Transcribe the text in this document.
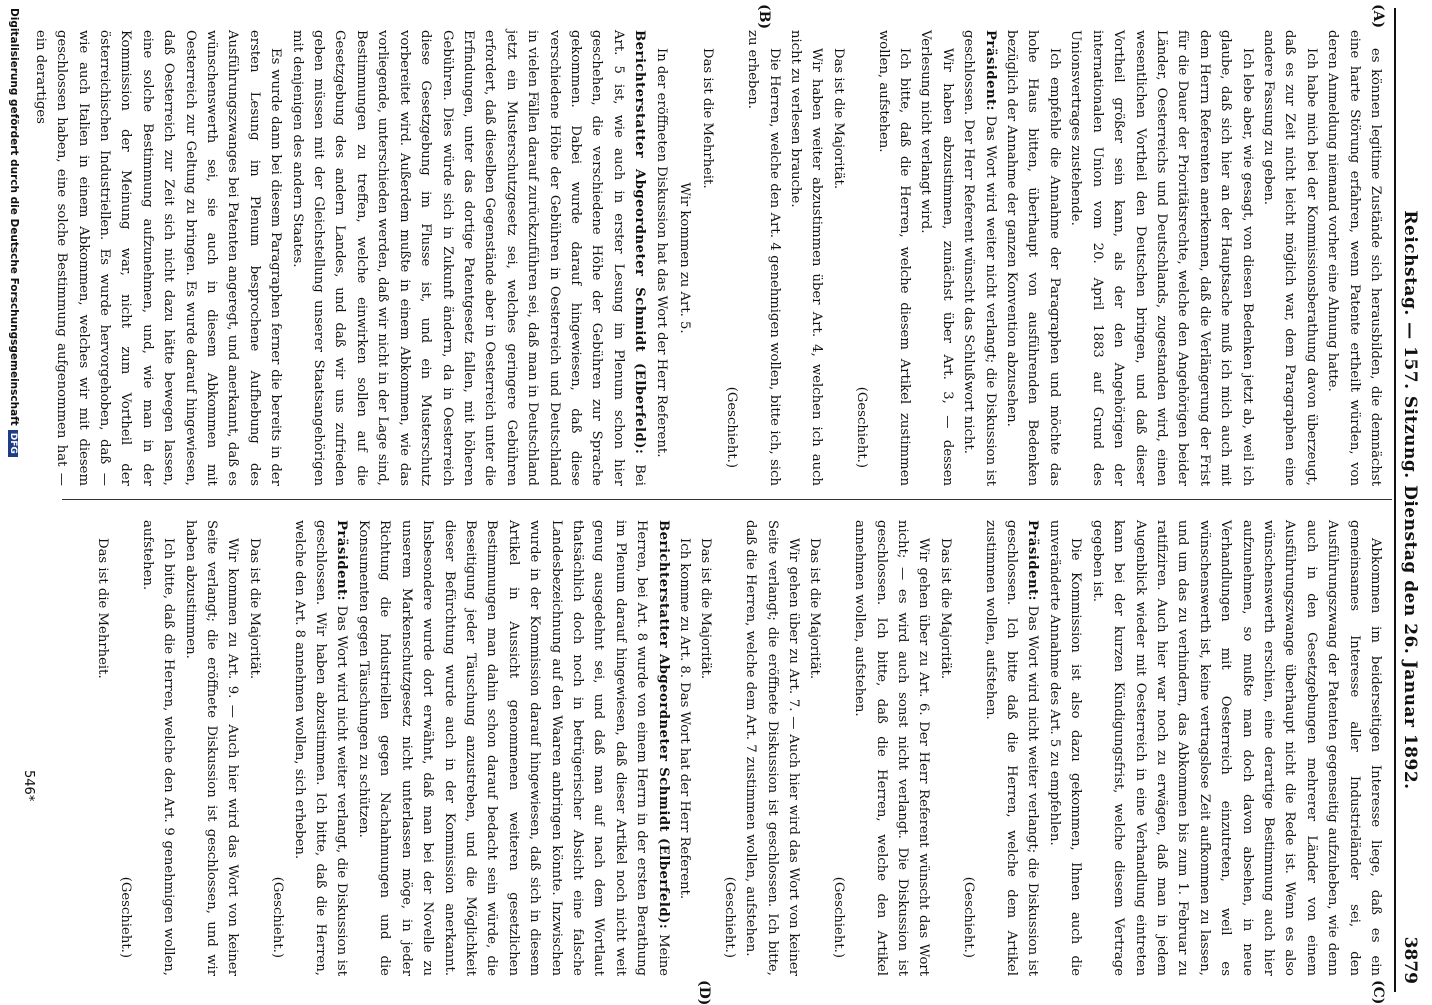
Reichstag. — 157. Sitzung. Dienstag den 26. Januar 1892.
3879
(A)
(B)
(C)
(D)

es können legitime Zustände sich herausbilden, die demnächst eine harte Störung erfahren, wenn Patente ertheilt würden, von deren Anmeldung niemand vorher eine Ahnung hatte.

Ich habe mich bei der Kommissionsberathung davon überzeugt, daß es zur Zeit nicht leicht möglich war, dem Paragraphen eine andere Fassung zu geben.

Ich lebe aber, wie gesagt, von diesen Bedenken jetzt ab, weil ich glaube, daß sich hier an der Hauptsache muß ich mich auch mit dem Herrn Referenten anerkennen, daß die Verlängerung der Frist für die Dauer der Prioritätsrechte, welche den Angehörigen beider Länder, Oesterreichs und Deutschlands, zugestanden wird, einen wesentlichen Vortheil den Deutschen bringen, und daß dieser Vortheil größer sein kann, als der den Angehörigen der internationalen Union vom 20. April 1883 auf Grund des Unionsvertrages zustehende.

Ich empfehle die Annahme der Paragraphen und möchte das hohe Haus bitten, überhaupt von ausführenden Bedenken bezüglich der Annahme der ganzen Konvention abzusehen.

Präsident: Das Wort wird weiter nicht verlangt; die Diskussion ist geschlossen. Der Herr Referent wünscht das Schlußwort nicht.

Wir haben abzustimmen, zunächst über Art. 3, — dessen Verlesung nicht verlangt wird.

Ich bitte, daß die Herren, welche diesem Artikel zustimmen wollen, aufstehen.

(Geschieht.)

Das ist die Majorität.

Wir haben weiter abzustimmen über Art. 4, welchen ich auch nicht zu verlesen brauche.

Die Herren, welche den Art. 4 genehmigen wollen, bitte ich, sich zu erheben.

(Geschieht.)

Das ist die Mehrheit.

Wir kommen zu Art. 5.

In der eröffneten Diskussion hat das Wort der Herr Referent.

Berichterstatter Abgeordneter Schmidt (Elberfeld): Bei Art. 5 ist, wie auch in erster Lesung im Plenum schon hier geschehen, die verschiedene Höhe der Gebühren zur Sprache gekommen. Dabei wurde darauf hingewiesen, daß diese verschiedene Höhe der Gebühren in Oesterreich und Deutschland in vielen Fällen darauf zurückzuführen sei, daß man in Deutschland jetzt ein Musterschutzgesetz sei, welches geringere Gebühren erfordert, daß dieselben Gegenstände aber in Oesterreich unter die Erfindungen, unter das dortige Patentgesetz fallen, mit höheren Gebühren. Dies würde sich in Zukunft ändern, da in Oesterreich diese Gesetzgebung im Flusse ist, und ein Musterschutz vorbereitet wird. Außerdem mußte in einem Abkommen, wie das vorliegende, unterschieden werden, daß wir nicht in der Lage sind, Bestimmungen zu treffen, welche einwirken sollen auf die Gesetzgebung des andern Landes, und daß wir uns zufrieden geben müssen mit der Gleichstellung unserer Staatsangehörigen mit denjenigen des andern Staates.

Es wurde dann bei diesem Paragraphen ferner die bereits in der ersten Lesung im Plenum besprochene Aufhebung des Ausführungszwanges bei Patenten angeregt, und anerkannt, daß es wünschenswerth sei, sie auch in diesem Abkommen mit Oesterreich zur Geltung zu bringen. Es wurde darauf hingewiesen, daß Oesterreich zur Zeit sich nicht dazu hätte bewegen lassen, eine solche Bestimmung aufzunehmen, und, wie man in der Kommission der Meinung war, nicht zum Vortheil der österreichischen Industriellen. Es wurde hervorgehoben, daß — wie auch Italien in einem Abkommen, welches wir mit diesem geschlossen haben, eine solche Bestimmung aufgenommen hat — ein derartiges

Abkommen im beiderseitigen Interesse liege, daß es ein gemeinsames Interesse aller Industrieländer sei, den Ausführungszwang der Patenten gegenseitig aufzuheben, wie denn auch in den Gesetzgebungen mehrerer Länder von einem Ausführungszwange überhaupt nicht die Rede ist. Wenn es also wünschenswerth erschien, eine derartige Bestimmung auch hier aufzunehmen, so mußte man doch davon absehen, in neue Verhandlungen mit Oesterreich einzutreten, weil es wünschenswerth ist, keine vertragslose Zeit aufkommen zu lassen, und um das zu verhindern, das Abkommen bis zum 1. Februar zu ratifiziren. Auch hier war noch zu erwägen, daß man in jedem Augenblick wieder mit Oesterreich in eine Verhandlung eintreten kann bei der kurzen Kündigungsfrist, welche diesem Vertrage gegeben ist.

Die Kommission ist also dazu gekommen, Ihnen auch die unveränderte Annahme des Art. 5 zu empfehlen.

Präsident: Das Wort wird nicht weiter verlangt; die Diskussion ist geschlossen. Ich bitte daß die Herren, welche dem Artikel zustimmen wollen, aufstehen.

(Geschieht.)

Das ist die Majorität.

Wir gehen über zu Art. 6. Der Herr Referent wünscht das Wort nicht; — es wird auch sonst nicht verlangt. Die Diskussion ist geschlossen. Ich bitte, daß die Herren, welche den Artikel annehmen wollen, aufstehen.

(Geschieht.)

Das ist die Majorität.

Wir gehen über zu Art. 7. — Auch hier wird das Wort von keiner Seite verlangt; die eröffnete Diskussion ist geschlossen. Ich bitte, daß die Herren, welche dem Art. 7 zustimmen wollen, aufstehen.

(Geschieht.)

Das ist die Majorität.

Ich komme zu Art. 8. Das Wort hat der Herr Referent.

Berichterstatter Abgeordneter Schmidt (Elberfeld): Meine Herren, bei Art. 8 wurde von einem Herrn in der ersten Berathung im Plenum darauf hingewiesen, daß dieser Artikel noch nicht weit genug ausgedehnt sei, und daß man auf nach dem Wortlaut thatsächlich doch noch in betrügerischer Absicht eine falsche Landesbezeichnung auf den Waaren anbringen könnte. Inzwischen wurde in der Kommission darauf hingewiesen, daß sich in diesem Artikel in Aussicht genommenen weiteren gesetzlichen Bestimmungen man dahin schon darauf bedacht sein würde, die Beseitigung jeder Täuschung anzustreben, und die Möglichkeit dieser Befürchtung wurde auch in der Kommission anerkannt. Insbesondere wurde dort erwähnt, daß man bei der Novelle zu unserem Markenschutzgesetz nicht unterlassen möge, in jeder Richtung die Industriellen gegen Nachahmungen und die Konsumenten gegen Täuschungen zu schützen.

Präsident: Das Wort wird nicht weiter verlangt, die Diskussion ist geschlossen. Wir haben abzustimmen. Ich bitte, daß die Herren, welche den Art. 8 annehmen wollen, sich erheben.

(Geschieht.)

Das ist die Majorität.

Wir kommen zu Art. 9. — Auch hier wird das Wort von keiner Seite verlangt; die eröffnete Diskussion ist geschlossen, und wir haben abzustimmen.

Ich bitte, daß die Herren, welche den Art. 9 genehmigen wollen, aufstehen.

(Geschieht.)

Das ist die Mehrheit.

546*
Digitalisierung gefördert durch die Deutsche ForschungsgemeinschaftDFG
